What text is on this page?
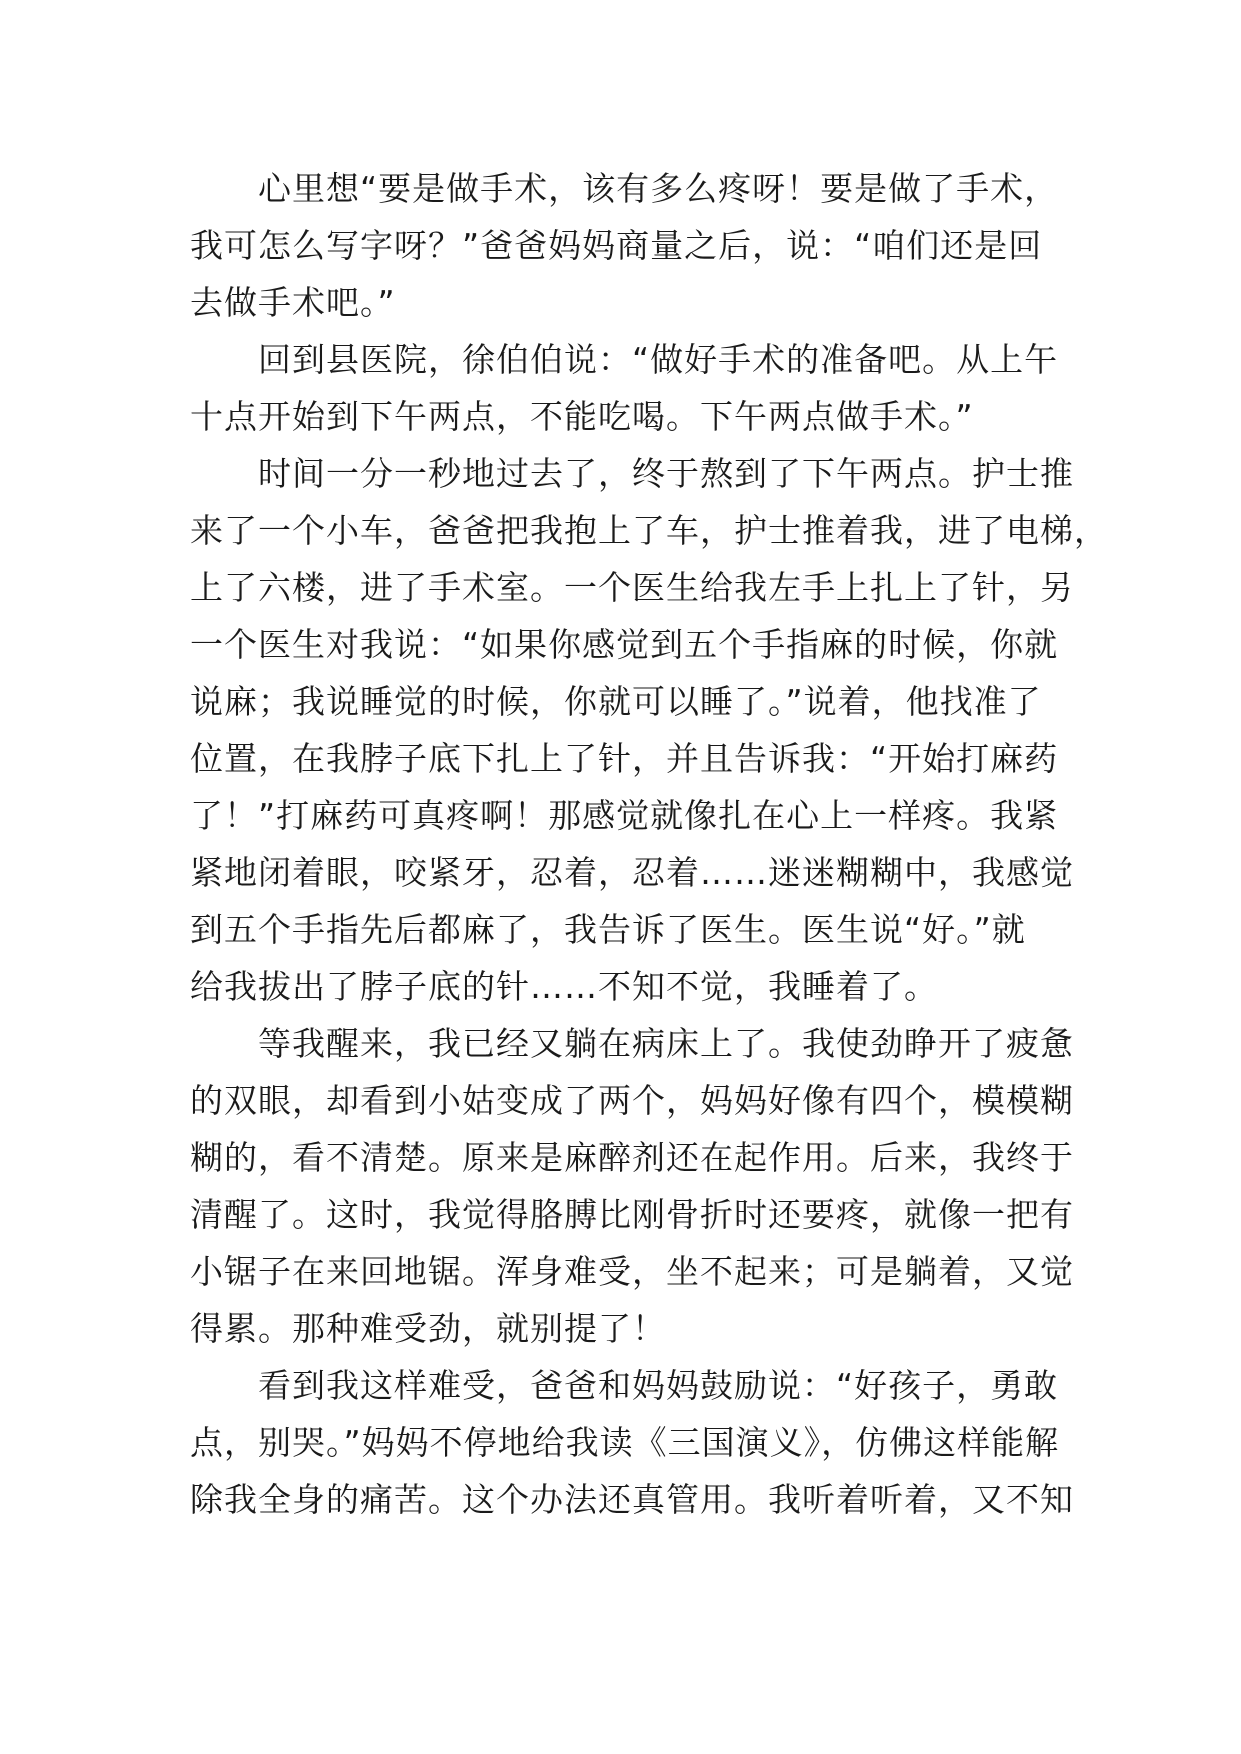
心里想“要是做手术，该有多么疼呀！要是做了手术，
我可怎么写字呀？”爸爸妈妈商量之后，说：“咱们还是回
去做手术吧。”
回到县医院，徐伯伯说：“做好手术的准备吧。从上午
十点开始到下午两点，不能吃喝。下午两点做手术。”
时间一分一秒地过去了，终于熬到了下午两点。护士推
来了一个小车，爸爸把我抱上了车，护士推着我，进了电梯，
上了六楼，进了手术室。一个医生给我左手上扎上了针，另
一个医生对我说：“如果你感觉到五个手指麻的时候，你就
说麻；我说睡觉的时候，你就可以睡了。”说着，他找准了
位置，在我脖子底下扎上了针，并且告诉我：“开始打麻药
了！”打麻药可真疼啊！那感觉就像扎在心上一样疼。我紧
紧地闭着眼，咬紧牙，忍着，忍着……迷迷糊糊中，我感觉
到五个手指先后都麻了，我告诉了医生。医生说“好。”就
给我拔出了脖子底的针……不知不觉，我睡着了。
等我醒来，我已经又躺在病床上了。我使劲睁开了疲惫
的双眼，却看到小姑变成了两个，妈妈好像有四个，模模糊
糊的，看不清楚。原来是麻醉剂还在起作用。后来，我终于
清醒了。这时，我觉得胳膊比刚骨折时还要疼，就像一把有
小锯子在来回地锯。浑身难受，坐不起来；可是躺着，又觉
得累。那种难受劲，就别提了！
看到我这样难受，爸爸和妈妈鼓励说：“好孩子，勇敢
点，别哭。”妈妈不停地给我读《三国演义》，仿佛这样能解
除我全身的痛苦。这个办法还真管用。我听着听着，又不知
